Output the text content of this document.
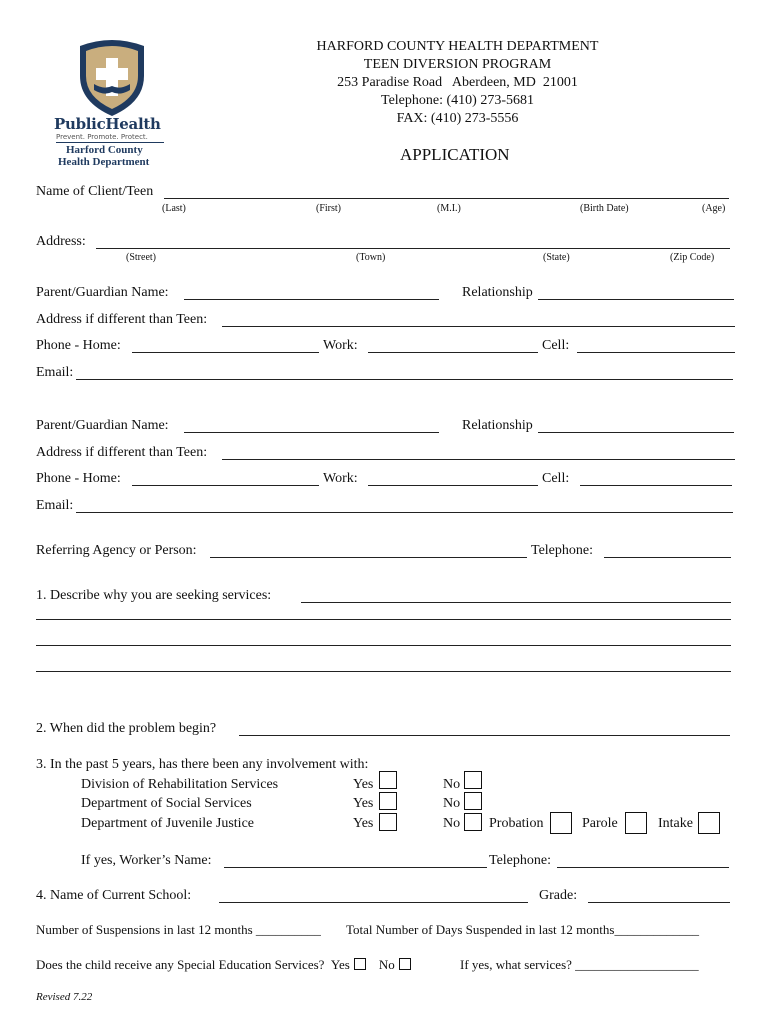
PublicHealth
Prevent. Promote. Protect.
Harford County
Health Department
HARFORD COUNTY HEALTH DEPARTMENT
TEEN DIVERSION PROGRAM
253 Paradise Road   Aberdeen, MD  21001
Telephone: (410) 273-5681
FAX: (410) 273-5556
APPLICATION
Name of Client/Teen
(Last)	(First)	(M.I.)	(Birth Date)	(Age)
Address:
(Street)	(Town)	(State)	(Zip Code)
Parent/Guardian Name:	Relationship
Address if different than Teen:
Phone - Home:	Work:	Cell:
Email:
Parent/Guardian Name:	Relationship
Address if different than Teen:
Phone - Home:	Work:	Cell:
Email:
Referring Agency or Person:	Telephone:
1. Describe why you are seeking services:
2. When did the problem begin?
3. In the past 5 years, has there been any involvement with:
Division of Rehabilitation Services	Yes	No
Department of Social Services	Yes	No
Department of Juvenile Justice	Yes	No Probation	Parole	Intake
If yes, Worker’s Name:	Telephone:
4. Name of Current School:	Grade:
Number of Suspensions in last 12 months __________ Total Number of Days Suspended in last 12 months_____________
Does the child receive any Special Education Services? Yes No	If yes, what services? ___________________
Revised 7.22
